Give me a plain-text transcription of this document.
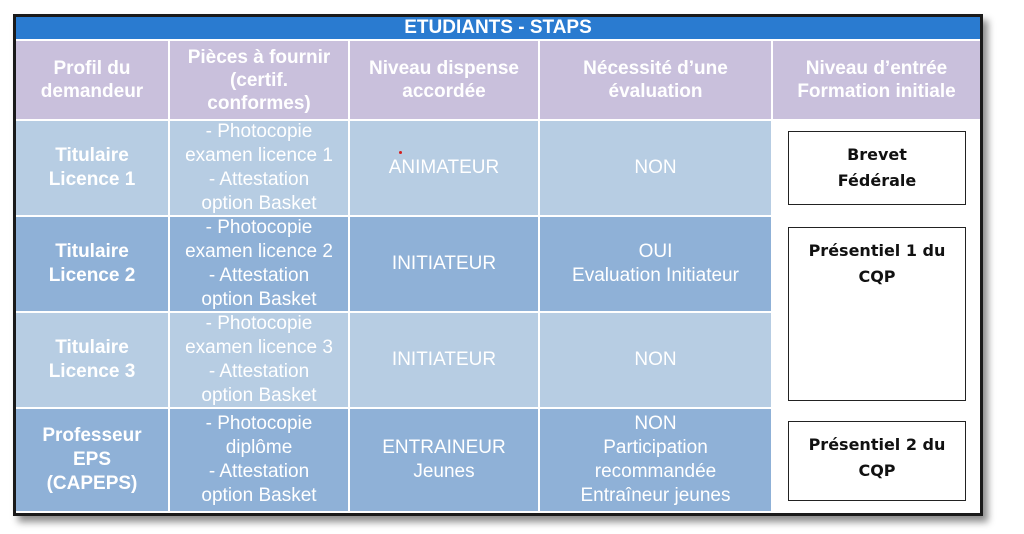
ETUDIANTS - STAPS
Profil du
demandeur
Pièces à fournir
(certif.
conformes)
Niveau dispense
accordée
Nécessité d’une
évaluation
Niveau d’entrée
Formation initiale
Titulaire
Licence 1
- Photocopie
examen licence 1
- Attestation
option Basket
ANIMATEUR	NON
Brevet
Fédérale
Présentiel 1 du
CQP
Présentiel 2 du
CQP
Titulaire
Licence 2
- Photocopie
examen licence 2
- Attestation
option Basket
INITIATEUR
OUI
Evaluation Initiateur
Titulaire
Licence 3
- Photocopie
examen licence 3
- Attestation
option Basket
INITIATEUR	NON
Professeur
EPS
(CAPEPS)
- Photocopie
diplôme
- Attestation
option Basket
ENTRAINEUR
Jeunes
NON
Participation
recommandée
Entraîneur jeunes
